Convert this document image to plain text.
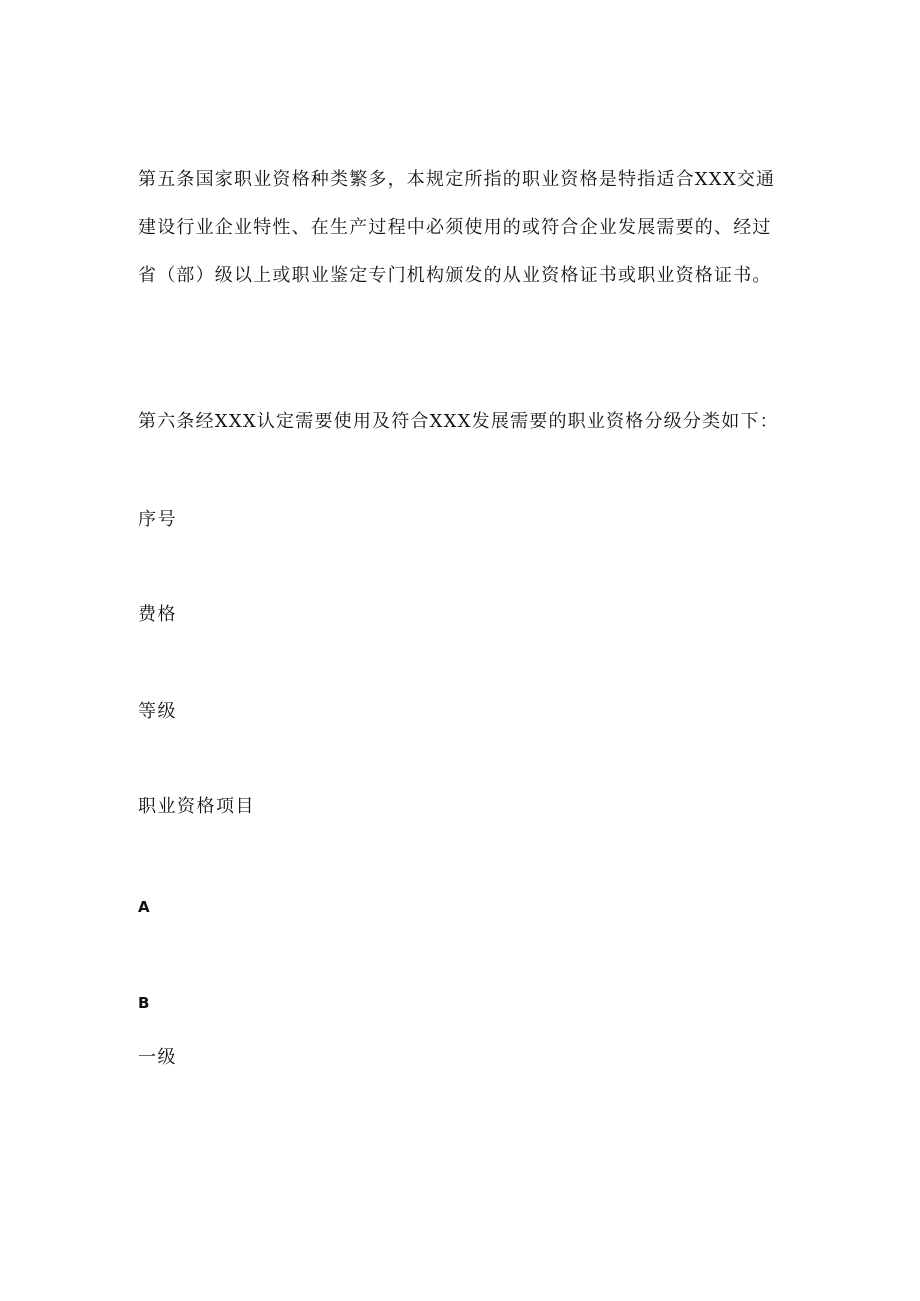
第五条国家职业资格种类繁多，本规定所指的职业资格是特指适合XXX交通建设行业企业特性、在生产过程中必须使用的或符合企业发展需要的、经过省（部）级以上或职业鉴定专门机构颁发的从业资格证书或职业资格证书。

第六条经XXX认定需要使用及符合XXX发展需要的职业资格分级分类如下：

序号

费格

等级

职业资格项目

A

B

一级
